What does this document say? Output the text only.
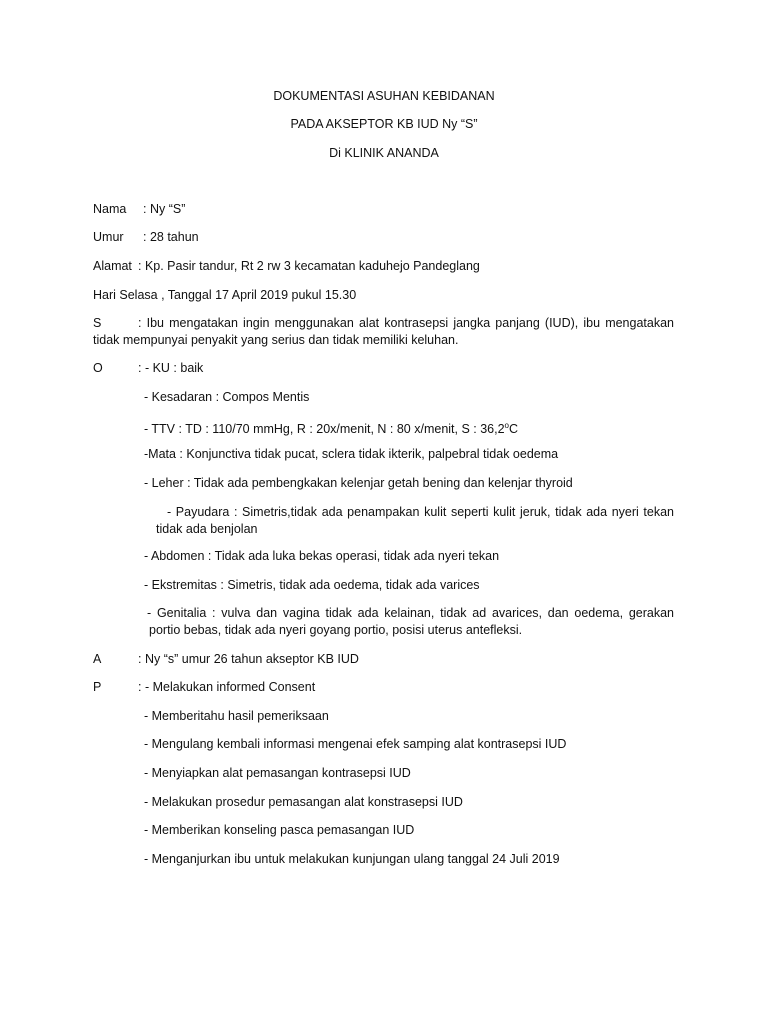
DOKUMENTASI ASUHAN KEBIDANAN
PADA AKSEPTOR KB IUD Ny “S”
Di KLINIK ANANDA
Nama : Ny “S”
Umur : 28 tahun
Alamat : Kp. Pasir tandur, Rt 2 rw 3 kecamatan kaduhejo Pandeglang
Hari Selasa , Tanggal 17 April 2019 pukul 15.30
S	: Ibu mengatakan ingin menggunakan alat kontrasepsi jangka panjang (IUD), ibu mengatakan tidak mempunyai penyakit yang serius dan tidak memiliki keluhan.
O	: - KU : baik
- Kesadaran : Compos Mentis
- TTV : TD : 110/70 mmHg, R : 20x/menit, N : 80 x/menit, S : 36,2$^o$C
-Mata : Konjunctiva tidak pucat, sclera tidak ikterik, palpebral tidak oedema
- Leher : Tidak ada pembengkakan kelenjar getah bening dan kelenjar thyroid
- Payudara : Simetris,tidak ada penampakan kulit seperti kulit jeruk, tidak ada nyeri tekan tidak ada benjolan
- Abdomen : Tidak ada luka bekas operasi, tidak ada nyeri tekan
- Ekstremitas : Simetris, tidak ada oedema, tidak ada varices
- Genitalia : vulva dan vagina tidak ada kelainan, tidak ad avarices, dan oedema, gerakan portio bebas, tidak ada nyeri goyang portio, posisi uterus antefleksi.
A	: Ny “s” umur 26 tahun akseptor KB IUD
P	: - Melakukan informed Consent
- Memberitahu hasil pemeriksaan
- Mengulang kembali informasi mengenai efek samping alat kontrasepsi IUD
- Menyiapkan alat pemasangan kontrasepsi IUD
- Melakukan prosedur pemasangan alat konstrasepsi IUD
- Memberikan konseling pasca pemasangan IUD
- Menganjurkan ibu untuk melakukan kunjungan ulang tanggal 24 Juli 2019
